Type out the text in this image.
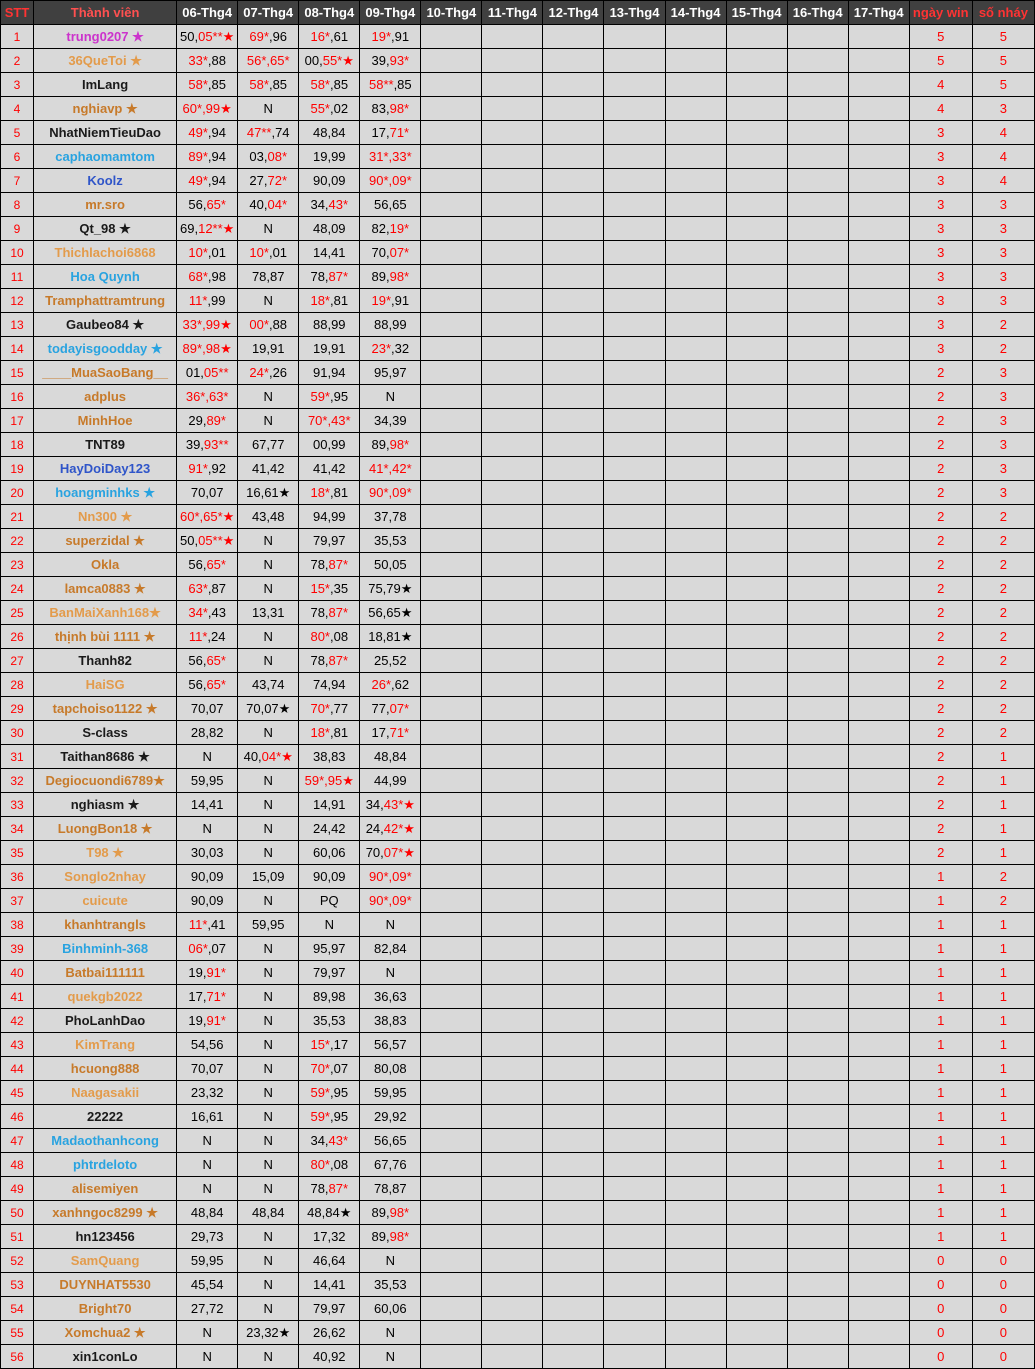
STT	Thành viên	06-Thg4	07-Thg4	08-Thg4	09-Thg4	10-Thg4	11-Thg4	12-Thg4	13-Thg4	14-Thg4	15-Thg4	16-Thg4	17-Thg4	ngày win	số nháy
1	trung0207 ★	50,05**★	69*,96	16*,61	19*,91									5	5
2	36QueToi ★	33*,88	56*,65*	00,55*★	39,93*									5	5
3	ImLang	58*,85	58*,85	58*,85	58**,85									4	5
4	nghiavp ★	60*,99★	N	55*,02	83,98*									4	3
5	NhatNiemTieuDao	49*,94	47**,74	48,84	17,71*									3	4
6	caphaomamtom	89*,94	03,08*	19,99	31*,33*									3	4
7	Koolz	49*,94	27,72*	90,09	90*,09*									3	4
8	mr.sro	56,65*	40,04*	34,43*	56,65									3	3
9	Qt_98 ★	69,12**★	N	48,09	82,19*									3	3
10	Thichlachoi6868	10*,01	10*,01	14,41	70,07*									3	3
11	Hoa Quynh	68*,98	78,87	78,87*	89,98*									3	3
12	Tramphattramtrung	11*,99	N	18*,81	19*,91									3	3
13	Gaubeo84 ★	33*,99★	00*,88	88,99	88,99									3	2
14	todayisgoodday ★	89*,98★	19,91	19,91	23*,32									3	2
15	____MuaSaoBang__	01,05**	24*,26	91,94	95,97									2	3
16	adplus	36*,63*	N	59*,95	N									2	3
17	MinhHoe	29,89*	N	70*,43*	34,39									2	3
18	TNT89	39,93**	67,77	00,99	89,98*									2	3
19	HayDoiDay123	91*,92	41,42	41,42	41*,42*									2	3
20	hoangminhks ★	70,07	16,61★	18*,81	90*,09*									2	3
21	Nn300 ★	60*,65*★	43,48	94,99	37,78									2	2
22	superzidal ★	50,05**★	N	79,97	35,53									2	2
23	Okla	56,65*	N	78,87*	50,05									2	2
24	lamca0883 ★	63*,87	N	15*,35	75,79★									2	2
25	BanMaiXanh168★	34*,43	13,31	78,87*	56,65★									2	2
26	thịnh bùi 1111 ★	11*,24	N	80*,08	18,81★									2	2
27	Thanh82	56,65*	N	78,87*	25,52									2	2
28	HaiSG	56,65*	43,74	74,94	26*,62									2	2
29	tapchoiso1122 ★	70,07	70,07★	70*,77	77,07*									2	2
30	S-class	28,82	N	18*,81	17,71*									2	2
31	Taithan8686 ★	N	40,04*★	38,83	48,84									2	1
32	Degiocuondi6789★	59,95	N	59*,95★	44,99									2	1
33	nghiasm ★	14,41	N	14,91	34,43*★									2	1
34	LuongBon18 ★	N	N	24,42	24,42*★									2	1
35	T98 ★	30,03	N	60,06	70,07*★									2	1
36	Songlo2nhay	90,09	15,09	90,09	90*,09*									1	2
37	cuicute	90,09	N	PQ	90*,09*									1	2
38	khanhtrangls	11*,41	59,95	N	N									1	1
39	Binhminh-368	06*,07	N	95,97	82,84									1	1
40	Batbai111111	19,91*	N	79,97	N									1	1
41	quekgb2022	17,71*	N	89,98	36,63									1	1
42	PhoLanhDao	19,91*	N	35,53	38,83									1	1
43	KimTrang	54,56	N	15*,17	56,57									1	1
44	hcuong888	70,07	N	70*,07	80,08									1	1
45	Naagasakii	23,32	N	59*,95	59,95									1	1
46	22222	16,61	N	59*,95	29,92									1	1
47	Madaothanhcong	N	N	34,43*	56,65									1	1
48	phtrdeloto	N	N	80*,08	67,76									1	1
49	alisemiyen	N	N	78,87*	78,87									1	1
50	xanhngoc8299 ★	48,84	48,84	48,84★	89,98*									1	1
51	hn123456	29,73	N	17,32	89,98*									1	1
52	SamQuang	59,95	N	46,64	N									0	0
53	DUYNHAT5530	45,54	N	14,41	35,53									0	0
54	Bright70	27,72	N	79,97	60,06									0	0
55	Xomchua2 ★	N	23,32★	26,62	N									0	0
56	xin1conLo	N	N	40,92	N									0	0
